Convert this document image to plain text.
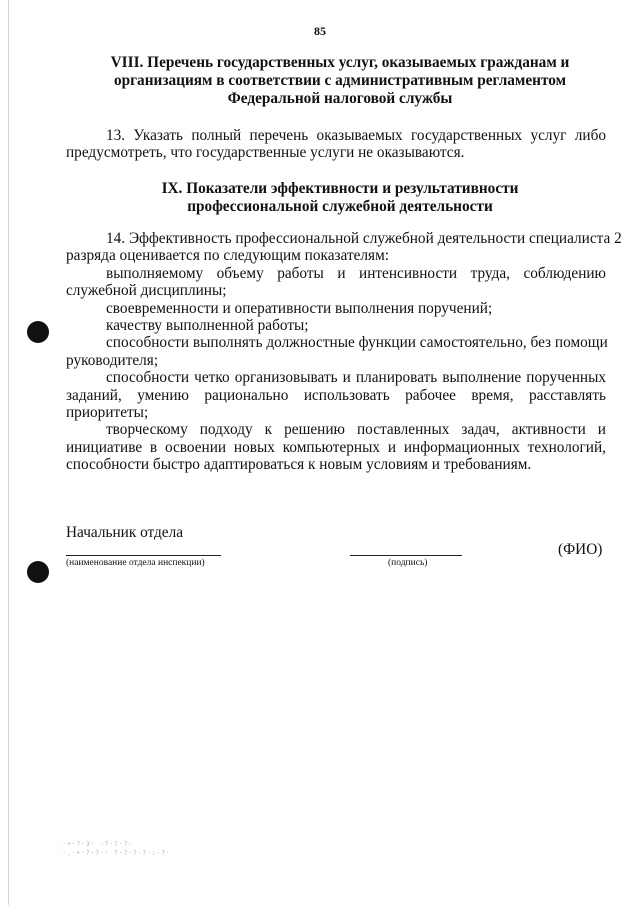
85
VIII. Перечень государственных услуг, оказываемых гражданам и
организациям в соответствии с административным регламентом
Федеральной налоговой службы
13. Указать полный перечень оказываемых государственных услуг либо
предусмотреть, что государственные услуги не оказываются.
IX. Показатели эффективности и результативности
профессиональной служебной деятельности
14. Эффективность профессиональной служебной деятельности специалиста 2
разряда оценивается по следующим показателям:
выполняемому объему работы и интенсивности труда, соблюдению
служебной дисциплины;
своевременности и оперативности выполнения поручений;
качеству выполненной работы;
способности выполнять должностные функции самостоятельно, без помощи
руководителя;
способности четко организовывать и планировать выполнение порученных
заданий, умению рационально использовать рабочее время, расставлять
приоритеты;
творческому подходу к решению поставленных задач, активности и
инициативе в освоении новых компьютерных и информационных технологий,
способности быстро адаптироваться к новым условиям и требованиям.
Начальник отдела
(наименование отдела инспекции)	(подпись)
(ФИО)
·•·?·3· ·?·?·?·
·.·•·?·?·· ?·?·?·?·:·?·
